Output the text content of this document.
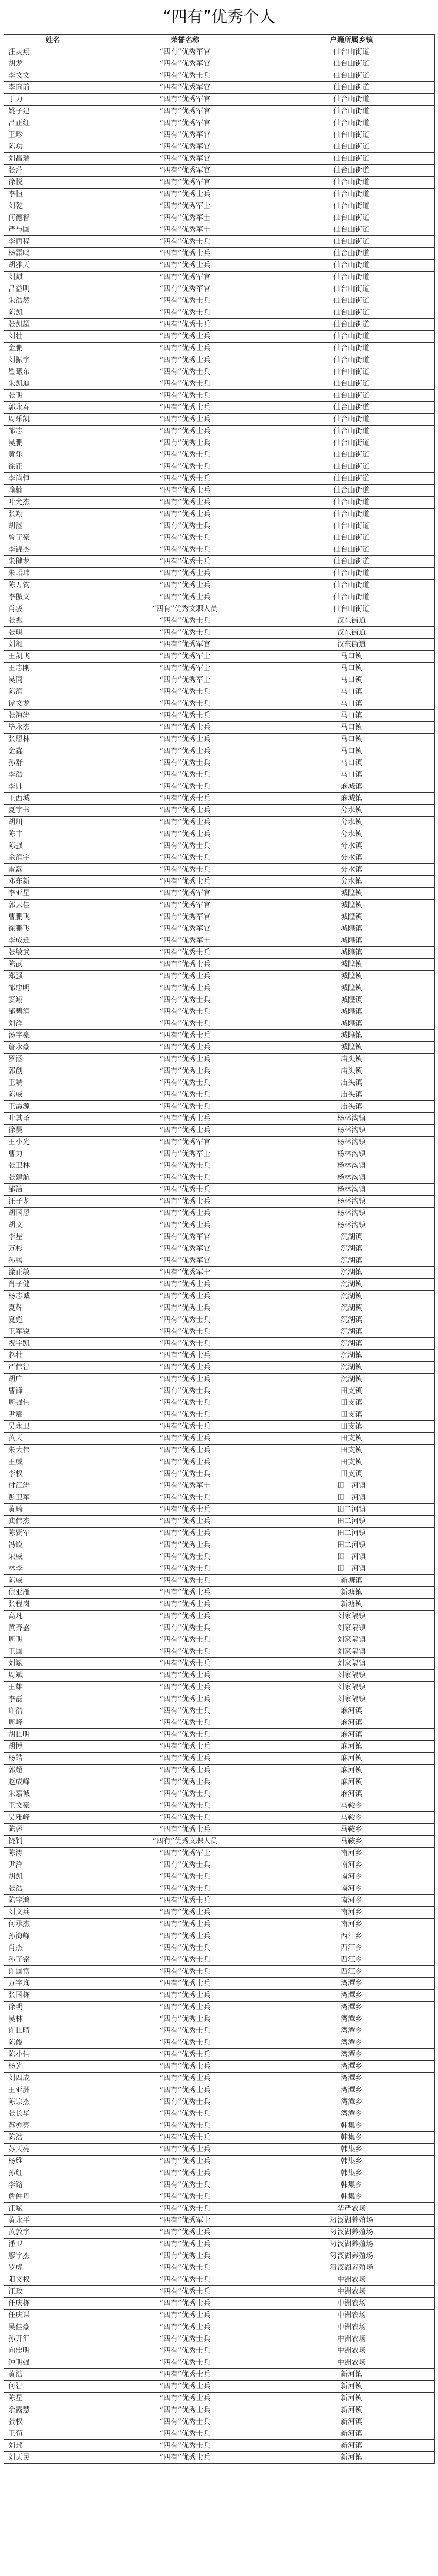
“四有”优秀个人
姓名	荣誉名称	户籍所属乡镇
汪灵翔	“四有”优秀军官	仙台山街道
胡龙	“四有”优秀军官	仙台山街道
李文文	“四有”优秀士兵	仙台山街道
李向前	“四有”优秀军官	仙台山街道
丁力	“四有”优秀军官	仙台山街道
姚子建	“四有”优秀军官	仙台山街道
吕正红	“四有”优秀军官	仙台山街道
王珍	“四有”优秀军官	仙台山街道
陈功	“四有”优秀军官	仙台山街道
刘昌瑞	“四有”优秀军官	仙台山街道
张萍	“四有”优秀军官	仙台山街道
徐悦	“四有”优秀军官	仙台山街道
李恒	“四有”优秀士兵	仙台山街道
刘乾	“四有”优秀军士	仙台山街道
何德智	“四有”优秀军士	仙台山街道
严与国	“四有”优秀军士	仙台山街道
李再程	“四有”优秀士兵	仙台山街道
杨雷鸣	“四有”优秀士兵	仙台山街道
胡雅天	“四有”优秀士兵	仙台山街道
刘麒	“四有”优秀军官	仙台山街道
吕益明	“四有”优秀军官	仙台山街道
朱浩然	“四有”优秀士兵	仙台山街道
陈凯	“四有”优秀士兵	仙台山街道
张凯超	“四有”优秀士兵	仙台山街道
刘壮	“四有”优秀士兵	仙台山街道
金鹏	“四有”优秀士兵	仙台山街道
刘振宇	“四有”优秀士兵	仙台山街道
瞿曦东	“四有”优秀士兵	仙台山街道
朱凯迪	“四有”优秀士兵	仙台山街道
张明	“四有”优秀士兵	仙台山街道
郭永春	“四有”优秀士兵	仙台山街道
周乐凯	“四有”优秀士兵	仙台山街道
邹志	“四有”优秀士兵	仙台山街道
吴鹏	“四有”优秀士兵	仙台山街道
黄乐	“四有”优秀士兵	仙台山街道
徐正	“四有”优秀士兵	仙台山街道
李尚恒	“四有”优秀士兵	仙台山街道
喻楠	“四有”优秀士兵	仙台山街道
叶允杰	“四有”优秀士兵	仙台山街道
张翔	“四有”优秀士兵	仙台山街道
胡涵	“四有”优秀士兵	仙台山街道
曾子豪	“四有”优秀士兵	仙台山街道
李锦杰	“四有”优秀士兵	仙台山街道
朱健龙	“四有”优秀士兵	仙台山街道
朱昭玮	“四有”优秀士兵	仙台山街道
陈万钧	“四有”优秀士兵	仙台山街道
李傲文	“四有”优秀士兵	仙台山街道
肖骏	“四有”优秀文职人员	仙台山街道
张兆	“四有”优秀士兵	汉东街道
张琪	“四有”优秀士兵	汉东街道
刘昶	“四有”优秀军官	汉东街道
王凯飞	“四有”优秀军士	马口镇
王志刚	“四有”优秀军士	马口镇
吴同	“四有”优秀军士	马口镇
陈润	“四有”优秀士兵	马口镇
谭文龙	“四有”优秀士兵	马口镇
张海涛	“四有”优秀士兵	马口镇
毕永杰	“四有”优秀士兵	马口镇
张恩林	“四有”优秀士兵	马口镇
金鑫	“四有”优秀士兵	马口镇
孙舒	“四有”优秀士兵	马口镇
李浩	“四有”优秀士兵	马口镇
李帅	“四有”优秀士兵	麻城镇
王西城	“四有”优秀士兵	麻城镇
夏宇书	“四有”优秀士兵	分水镇
胡川	“四有”优秀士兵	分水镇
陈丰	“四有”优秀士兵	分水镇
陈强	“四有”优秀士兵	分水镇
余润宇	“四有”优秀士兵	分水镇
雷磊	“四有”优秀士兵	分水镇
邓东新	“四有”优秀士兵	分水镇
李亚星	“四有”优秀军官	城隍镇
郭云佳	“四有”优秀军官	城隍镇
曹鹏飞	“四有”优秀军官	城隍镇
徐鹏飞	“四有”优秀军官	城隍镇
李成迁	“四有”优秀军士	城隍镇
张敏武	“四有”优秀士兵	城隍镇
陈武	“四有”优秀士兵	城隍镇
郑强	“四有”优秀士兵	城隍镇
邹忠明	“四有”优秀士兵	城隍镇
窦翔	“四有”优秀士兵	城隍镇
邹碧润	“四有”优秀士兵	城隍镇
刘洋	“四有”优秀士兵	城隍镇
汤宇豪	“四有”优秀士兵	城隍镇
詹永豪	“四有”优秀士兵	城隍镇
罗涵	“四有”优秀士兵	庙头镇
郭创	“四有”优秀士兵	庙头镇
王端	“四有”优秀士兵	庙头镇
陈威	“四有”优秀士兵	庙头镇
王霞源	“四有”优秀士兵	庙头镇
叶其圣	“四有”优秀士兵	杨林沟镇
徐昊	“四有”优秀士兵	杨林沟镇
王小光	“四有”优秀军官	杨林沟镇
曹力	“四有”优秀军士	杨林沟镇
张卫林	“四有”优秀士兵	杨林沟镇
张建航	“四有”优秀士兵	杨林沟镇
邹洁	“四有”优秀士兵	杨林沟镇
汪子龙	“四有”优秀士兵	杨林沟镇
胡国恩	“四有”优秀士兵	杨林沟镇
胡文	“四有”优秀士兵	杨林沟镇
李星	“四有”优秀军官	沉湖镇
万杉	“四有”优秀军官	沉湖镇
孙腾	“四有”优秀军官	沉湖镇
涂正敏	“四有”优秀军士	沉湖镇
肖子健	“四有”优秀士兵	沉湖镇
杨志诚	“四有”优秀士兵	沉湖镇
夏辉	“四有”优秀士兵	沉湖镇
夏彪	“四有”优秀士兵	沉湖镇
王军锐	“四有”优秀士兵	沉湖镇
祝宇凯	“四有”优秀士兵	沉湖镇
赵壮	“四有”优秀士兵	沉湖镇
严伟智	“四有”优秀士兵	沉湖镇
胡广	“四有”优秀士兵	沉湖镇
曹锋	“四有”优秀士兵	田支镇
周强伟	“四有”优秀士兵	田支镇
尹宸	“四有”优秀士兵	田支镇
吴永卫	“四有”优秀士兵	田支镇
黄天	“四有”优秀士兵	田支镇
朱大伟	“四有”优秀士兵	田支镇
王威	“四有”优秀士兵	田支镇
李权	“四有”优秀士兵	田支镇
付江涛	“四有”优秀军士	田二河镇
彭卫军	“四有”优秀士兵	田二河镇
黄琦	“四有”优秀士兵	田二河镇
龚伟杰	“四有”优秀士兵	田二河镇
陈贤军	“四有”优秀士兵	田二河镇
冯锐	“四有”优秀士兵	田二河镇
宋威	“四有”优秀士兵	田二河镇
林李	“四有”优秀士兵	田二河镇
陈威	“四有”优秀士兵	新塘镇
倪亚雁	“四有”优秀士兵	新塘镇
张程岗	“四有”优秀士兵	新塘镇
高凡	“四有”优秀士兵	刘家隔镇
黄齐盛	“四有”优秀士兵	刘家隔镇
周明	“四有”优秀士兵	刘家隔镇
王国	“四有”优秀士兵	刘家隔镇
刘斌	“四有”优秀士兵	刘家隔镇
周斌	“四有”优秀士兵	刘家隔镇
王雄	“四有”优秀士兵	刘家隔镇
李磊	“四有”优秀士兵	刘家隔镇
许浩	“四有”优秀士兵	麻河镇
周峰	“四有”优秀士兵	麻河镇
胡世明	“四有”优秀士兵	麻河镇
胡博	“四有”优秀士兵	麻河镇
杨皓	“四有”优秀士兵	麻河镇
郭超	“四有”优秀士兵	麻河镇
赵成峰	“四有”优秀士兵	麻河镇
朱嘉诚	“四有”优秀士兵	麻河镇
王文豪	“四有”优秀士兵	马鞍乡
吴雅峰	“四有”优秀士兵	马鞍乡
陈彪	“四有”优秀士兵	马鞍乡
饶钊	“四有”优秀文职人员	马鞍乡
陈涛	“四有”优秀军士	南河乡
尹洋	“四有”优秀士兵	南河乡
胡凯	“四有”优秀士兵	南河乡
张浩	“四有”优秀士兵	南河乡
陈宇鸿	“四有”优秀士兵	南河乡
刘文兵	“四有”优秀士兵	南河乡
何承杰	“四有”优秀士兵	南河乡
孙海峰	“四有”优秀士兵	西江乡
肖杰	“四有”优秀士兵	西江乡
孙子铭	“四有”优秀士兵	西江乡
许国富	“四有”优秀士兵	西江乡
万宇珣	“四有”优秀士兵	湾潭乡
张国栋	“四有”优秀士兵	湾潭乡
徐明	“四有”优秀士兵	湾潭乡
吴林	“四有”优秀士兵	湾潭乡
许世晴	“四有”优秀士兵	湾潭乡
陈俊	“四有”优秀士兵	湾潭乡
陈小伟	“四有”优秀士兵	湾潭乡
杨光	“四有”优秀士兵	湾潭乡
刘四成	“四有”优秀士兵	湾潭乡
王亚洲	“四有”优秀士兵	湾潭乡
陈宗杰	“四有”优秀士兵	湾潭乡
张长华	“四有”优秀士兵	湾潭乡
苏亦亮	“四有”优秀士兵	韩集乡
陈浩	“四有”优秀士兵	韩集乡
苏天亮	“四有”优秀士兵	韩集乡
杨维	“四有”优秀士兵	韩集乡
孙红	“四有”优秀士兵	韩集乡
李镕	“四有”优秀士兵	韩集乡
詹仲丹	“四有”优秀士兵	韩集乡
汪斌	“四有”优秀士兵	华严农场
黄永平	“四有”优秀军士	汈汊湖养殖场
黄敦宇	“四有”优秀士兵	汈汊湖养殖场
潘卫	“四有”优秀士兵	汈汊湖养殖场
廖宇杰	“四有”优秀士兵	汈汊湖养殖场
罗虎	“四有”优秀士兵	汈汊湖养殖场
阳义权	“四有”优秀士兵	中洲农场
汪政	“四有”优秀士兵	中洲农场
任庆栋	“四有”优秀士兵	中洲农场
任庆谋	“四有”优秀士兵	中洲农场
吴佳豪	“四有”优秀士兵	中洲农场
孙开汇	“四有”优秀士兵	中洲农场
向忠明	“四有”优秀士兵	中洲农场
钟明强	“四有”优秀士兵	中洲农场
黄浩	“四有”优秀士兵	新河镇
何智	“四有”优秀士兵	新河镇
陈星	“四有”优秀士兵	新河镇
余露慧	“四有”优秀士兵	新河镇
张权	“四有”优秀士兵	新河镇
王荀	“四有”优秀士兵	新河镇
刘邦	“四有”优秀士兵	新河镇
刘天民	“四有”优秀士兵	新河镇
